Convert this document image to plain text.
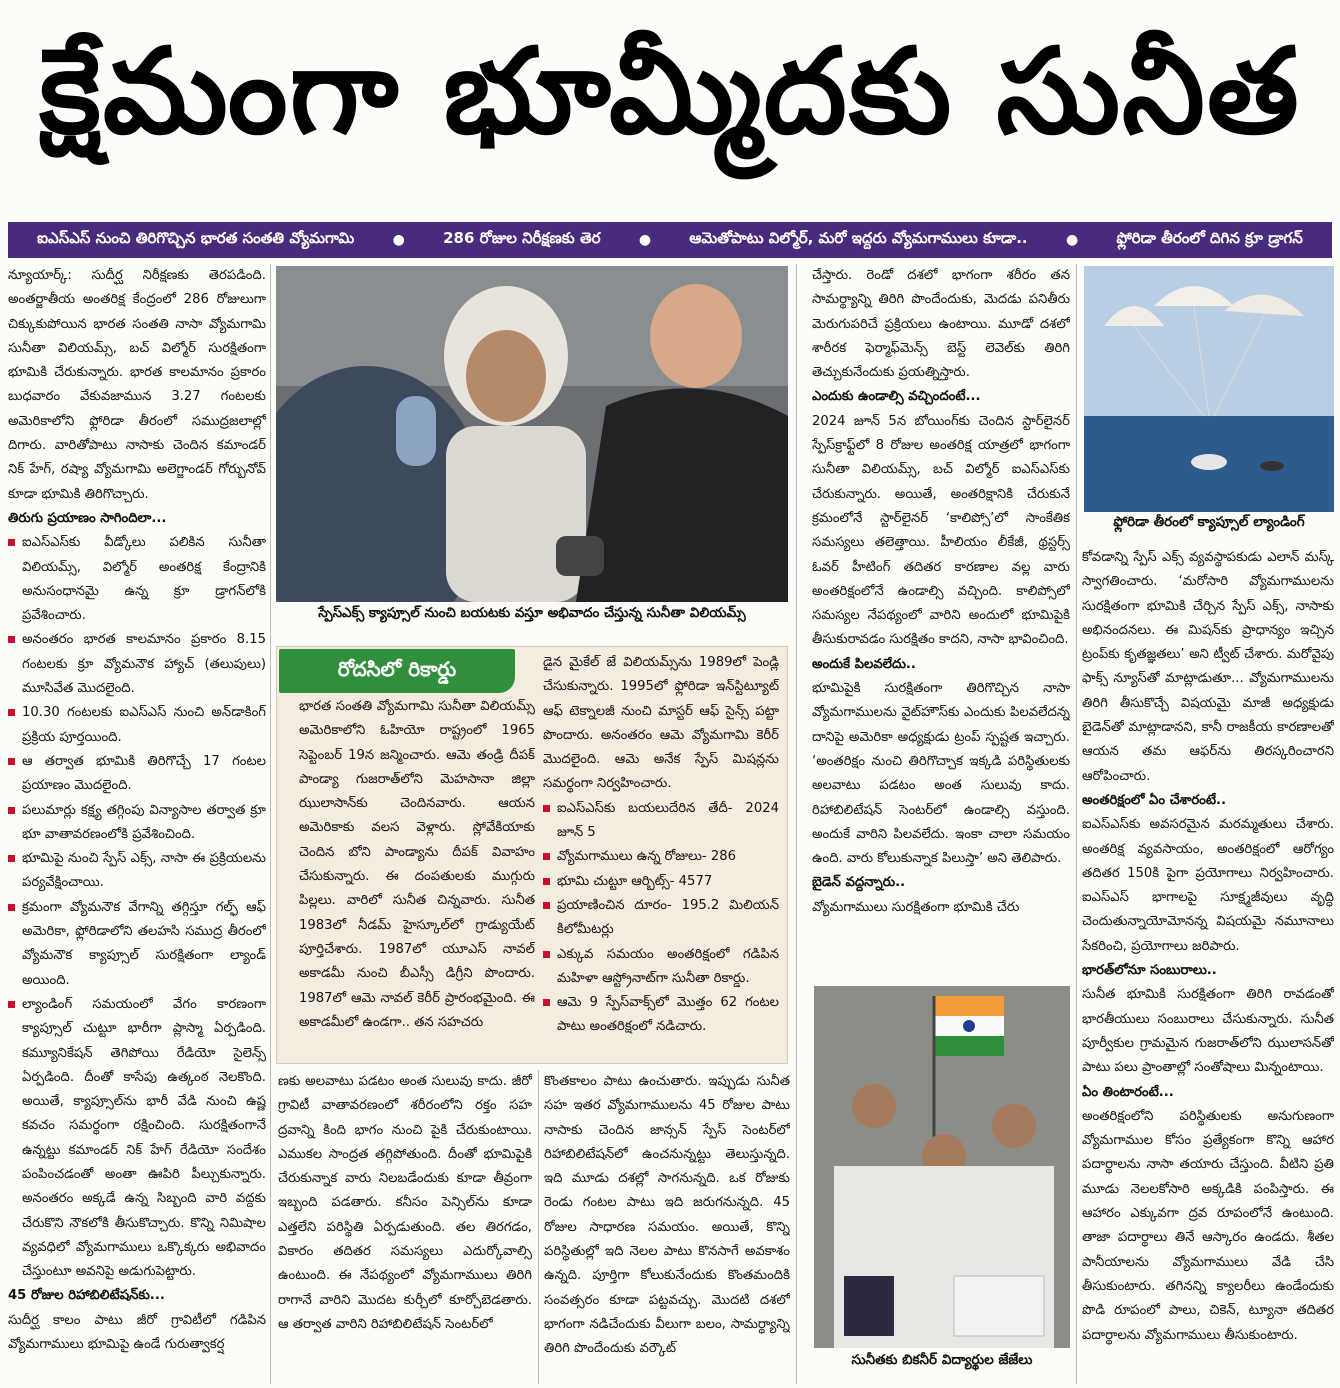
క్షేమంగా భూమ్మీదకు సునీత
ఐఎస్ఎస్ నుంచి తిరిగొచ్చిన భారత సంతతి వ్యోమగామి	●	286 రోజుల నిరీక్షణకు తెర	●	ఆమెతోపాటు విల్మోర్, మరో ఇద్దరు వ్యోమగాములు కూడా..	●	ఫ్లోరిడా తీరంలో దిగిన క్రూ డ్రాగన్

న్యూయార్క్: సుదీర్ఘ నిరీక్షణకు తెరపడింది. అంతర్జాతీయ అంతరిక్ష కేంద్రంలో 286 రోజులుగా చిక్కుకుపోయిన భారత సంతతి నాసా వ్యోమగామి సునీతా విలియమ్స్, బచ్ విల్మోర్ సురక్షితంగా భూమికి చేరుకున్నారు. భారత కాలమానం ప్రకారం బుధవారం వేకువజామున 3.27 గంటలకు అమెరికాలోని ఫ్లోరిడా తీరంలో సముద్రజలాల్లో దిగారు. వారితోపాటు నాసాకు చెందిన కమాండర్ నిక్ హేగ్, రష్యా వ్యోమగామి అలెగ్జాండర్ గోర్బునోవ్ కూడా భూమికి తిరిగొచ్చారు.

తిరుగు ప్రయాణం సాగిందిలా...

ఐఎస్ఎస్‌కు వీడ్కోలు పలికిన సునీతా విలియమ్స్, విల్మోర్ అంతరిక్ష కేంద్రానికి అనుసంధానమై ఉన్న క్రూ డ్రాగన్‌లోకి ప్రవేశించారు.
అనంతరం భారత కాలమానం ప్రకారం 8.15 గంటలకు క్రూ వ్యోమనౌక హ్యాచ్ (తలుపులు) మూసివేత మొదలైంది.
10.30 గంటలకు ఐఎస్ఎస్ నుంచి అన్‌డాకింగ్ ప్రక్రియ పూర్తయింది.
ఆ తర్వాత భూమికి తిరిగొచ్చే 17 గంటల ప్రయాణం మొదలైంది.
పలుమార్లు కక్ష్య తగ్గింపు విన్యాసాల తర్వాత క్రూ భూ వాతావరణంలోకి ప్రవేశించింది.
భూమిపై నుంచి స్పేస్ ఎక్స్, నాసా ఈ ప్రక్రియలను పర్యవేక్షించాయి.
క్రమంగా వ్యోమనౌక వేగాన్ని తగ్గిస్తూ గల్ఫ్ ఆఫ్ అమెరికా, ఫ్లోరిడాలోని తలహసి సముద్ర తీరంలో వ్యోమనౌక క్యాప్సూల్ సురక్షితంగా ల్యాండ్ అయింది.
ల్యాండింగ్ సమయంలో వేగం కారణంగా క్యాప్సూల్ చుట్టూ భారీగా ప్లాస్మా ఏర్పడింది. కమ్యూనికేషన్ తెగిపోయి రేడియో సైలెన్స్ ఏర్పడింది. దీంతో కాసేపు ఉత్కంఠ నెలకొంది. అయితే, క్యాప్సూల్‌ను భారీ వేడి నుంచి ఉష్ణ కవచం సమర్థంగా రక్షించింది. సురక్షితంగానే ఉన్నట్టు కమాండర్ నిక్ హేగ్ రేడియో సందేశం పంపించడంతో అంతా ఊపిరి పీల్చుకున్నారు. అనంతరం అక్కడే ఉన్న సిబ్బంది వారి వద్దకు చేరుకొని నౌకలోకి తీసుకొచ్చారు. కొన్ని నిమిషాల వ్యవధిలో వ్యోమగాములు ఒక్కొక్కరు అభివాదం చేస్తుంటూ అవనిపై అడుగుపెట్టారు.

45 రోజుల రిహాబిలిటేషన్‌కు...

సుదీర్ఘ కాలం పాటు జీరో గ్రావిటీలో గడిపిన వ్యోమగాములు భూమిపై ఉండే గురుత్వాకర్ష

స్పేస్ఎక్స్ క్యాప్సూల్ నుంచి బయటకు వస్తూ అభివాదం చేస్తున్న సునీతా విలియమ్స్

చేస్తారు. రెండో దశలో భాగంగా శరీరం తన సామర్థ్యాన్ని తిరిగి పొందేందుకు, మెదడు పనితీరు మెరుగుపరిచే ప్రక్రియలు ఉంటాయి. మూడో దశలో శారీరక ఫెర్మాఫ్‌మెన్స్ బెస్ట్ లెవెల్‌కు తిరిగి తెచ్చుకునేందుకు ప్రయత్నిస్తారు.

ఎందుకు ఉండాల్సి వచ్చిందంటే...

2024 జూన్ 5న బోయింగ్‌కు చెందిన స్టార్‌లైనర్ స్పేస్‌క్రాఫ్ట్‌లో 8 రోజుల అంతరిక్ష యాత్రలో భాగంగా సునీతా విలియమ్స్, బచ్ విల్మోర్ ఐఎస్ఎస్‌కు చేరుకున్నారు. అయితే, అంతరిక్షానికి చేరుకునే క్రమంలోనే స్టార్‌లైనర్ ‘కాలిప్సో’లో సాంకేతిక సమస్యలు తలెత్తాయి. హీలియం లీకేజీ, థ్రస్టర్స్ ఓవర్ హీటింగ్ తదితర కారణాల వల్ల వారు అంతరిక్షంలోనే ఉండాల్సి వచ్చింది. కాలిప్సోలో సమస్యల నేపథ్యంలో వారిని అందులో భూమిపైకి తీసుకురావడం సురక్షితం కాదని, నాసా భావించింది.

అందుకే పిలవలేదు..

భూమిపైకి సురక్షితంగా తిరిగొచ్చిన నాసా వ్యోమగాములను వైట్‌హౌస్‌కు ఎందుకు పిలవలేదన్న దానిపై అమెరికా అధ్యక్షుడు ట్రంప్ స్పష్టత ఇచ్చారు. ‘అంతరిక్షం నుంచి తిరిగొచ్చాక ఇక్కడి పరిస్థితులకు అలవాటు పడటం అంత సులువు కాదు. రిహాబిలిటేషన్ సెంటర్‌లో ఉండాల్సి వస్తుంది. అందుకే వారిని పిలవలేదు. ఇంకా చాలా సమయం ఉంది. వారు కోలుకున్నాక పిలుస్తా’ అని తెలిపారు.

బైడెన్ వద్దన్నారు..

వ్యోమగాములు సురక్షితంగా భూమికి చేరు

ఫ్లోరిడా తీరంలో క్యాప్సూల్ ల్యాండింగ్

కోవడాన్ని స్పేస్ ఎక్స్ వ్యవస్థాపకుడు ఎలాన్ మస్క్ స్వాగతించారు. ‘మరోసారి వ్యోమగాములను సురక్షితంగా భూమికి చేర్చిన స్పేస్ ఎక్స్, నాసాకు అభినందనలు. ఈ మిషన్‌కు ప్రాధాన్యం ఇచ్చిన ట్రంప్‌కు కృతజ్ఞతలు’ అని ట్వీట్ చేశారు. మరోవైపు ఫాక్స్ న్యూస్‌తో మాట్లాడుతూ... వ్యోమగాములను తిరిగి తీసుకొచ్చే విషయమై మాజీ అధ్యక్షుడు బైడెన్‌తో మాట్లాడానని, కానీ రాజకీయ కారణాలతో ఆయన తమ ఆఫర్‌ను తిరస్కరించారని ఆరోపించారు.

అంతరిక్షంలో ఏం చేశారంటే..

ఐఎస్ఎస్‌కు అవసరమైన మరమ్మతులు చేశారు. అంతరిక్ష వ్యవసాయం, అంతరిక్షంలో ఆరోగ్యం తదితర 150కి పైగా ప్రయోగాలు నిర్వహించారు. ఐఎస్ఎస్ భాగాలపై సూక్ష్మజీవులు వృద్ధి చెందుతున్నాయోమోనన్న విషయమై నమూనాలు సేకరించి, ప్రయోగాలు జరిపారు.

భారత్‌లోనూ సంబురాలు..

సునీత భూమికి సురక్షితంగా తిరిగి రావడంతో భారతీయులు సంబురాలు చేసుకున్నారు. సునీత పూర్వీకుల గ్రామమైన గుజరాత్‌లోని ఝులాసన్‌తో పాటు పలు ప్రాంతాల్లో సంతోషాలు మిన్నంటాయి.

ఏం తింటారంటే...

అంతరిక్షంలోని పరిస్థితులకు అనుగుణంగా వ్యోమగాముల కోసం ప్రత్యేకంగా కొన్ని ఆహార పదార్థాలను నాసా తయారు చేస్తుంది. వీటిని ప్రతి మూడు నెలలకోసారి అక్కడికి పంపిస్తారు. ఈ ఆహారం ఎక్కువగా ద్రవ రూపంలోనే ఉంటుంది. తాజా పదార్థాలు తినే ఆస్కారం ఉండదు. శీతల పానీయాలను వ్యోమగాములు వేడి చేసి తీసుకుంటారు. తగినన్ని క్యాలరీలు ఉండేందుకు పొడి రూపంలో పాలు, చికెన్, ట్యూనా తదితర పదార్థాలను వ్యోమగాములు తీసుకుంటారు.

రోదసిలో రికార్డు

భారత సంతతి వ్యోమగామి సునీతా విలియమ్స్ అమెరికాలోని ఓహియో రాష్ట్రంలో 1965 సెప్టెంబర్ 19న జన్మించారు. ఆమె తండ్రి దీపక్ పాండ్యా గుజరాత్‌లోని మెహసానా జిల్లా ఝులాసాన్‌కు చెందినవారు. ఆయన అమెరికాకు వలస వెళ్లారు. స్లోవేకియాకు చెందిన బోని పాండ్యాను దీపక్ వివాహం చేసుకున్నారు. ఈ దంపతులకు ముగ్గురు పిల్లలు. వారిలో సునీత చిన్నవారు. సునీత 1983లో నీడమ్ హైస్కూల్‌లో గ్రాడ్యుయేట్ పూర్తిచేశారు. 1987లో యూఎస్ నావల్ అకాడమీ నుంచి బీఎస్సీ డిగ్రీని పొందారు. 1987లో ఆమె నావల్ కెరీర్ ప్రారంభమైంది. ఈ అకాడమీలో ఉండగా.. తన సహచరు

డైన మైకేల్ జే విలియమ్స్‌ను 1989లో పెండ్లి చేసుకున్నారు. 1995లో ఫ్లోరిడా ఇన్‌స్టిట్యూట్ ఆఫ్ టెక్నాలజీ నుంచి మాస్టర్ ఆఫ్ సైన్స్ పట్టా పొందారు. అనంతరం ఆమె వ్యోమగామి కెరీర్ మొదలైంది. ఆమె అనేక స్పేస్ మిషన్లను సమర్థంగా నిర్వహించారు.

ఐఎస్ఎస్‌కు బయలుదేరిన తేదీ- 2024 జూన్ 5
వ్యోమగాములు ఉన్న రోజులు- 286
భూమి చుట్టూ ఆర్బిట్స్- 4577
ప్రయాణించిన దూరం- 195.2 మిలియన్ కిలోమీటర్లు
ఎక్కువ సమయం అంతరిక్షంలో గడిపిన మహిళా ఆస్ట్రోనాట్‌గా సునీతా రికార్డు.
ఆమె 9 స్పేస్‌వాక్స్‌లో మొత్తం 62 గంటల పాటు అంతరిక్షంలో నడిచారు.

ణకు అలవాటు పడటం అంత సులువు కాదు. జీరో గ్రావిటీ వాతావరణంలో శరీరంలోని రక్తం సహ ద్రవాన్ని కింది భాగం నుంచి పైకి చేరుకుంటాయి. ఎముకల సాంద్రత తగ్గిపోతుంది. దీంతో భూమిపైకి చేరుకున్నాక వారు నిలబడేందుకు కూడా తీవ్రంగా ఇబ్బంది పడతారు. కనీసం పెన్సిల్‌ను కూడా ఎత్తలేని పరిస్థితి ఏర్పడుతుంది. తల తిరగడం, వికారం తదితర సమస్యలు ఎదుర్కోవాల్సి ఉంటుంది. ఈ నేపథ్యంలో వ్యోమగాములు తిరిగి రాగానే వారిని మొదట కుర్చీలో కూర్చోబెడతారు. ఆ తర్వాత వారిని రిహాబిలిటేషన్ సెంటర్‌లో

కొంతకాలం పాటు ఉంచుతారు. ఇప్పుడు సునీత సహ ఇతర వ్యోమగాములను 45 రోజుల పాటు నాసాకు చెందిన జాన్సన్ స్పేస్ సెంటర్‌లో రిహాబిలిటేషన్‌లో ఉంచనున్నట్టు తెలుస్తున్నది. ఇది మూడు దశల్లో సాగనున్నది. ఒక రోజుకు రెండు గంటల పాటు ఇది జరుగనున్నది. 45 రోజుల సాధారణ సమయం. అయితే, కొన్ని పరిస్థితుల్లో ఇది నెలల పాటు కొనసాగే అవకాశం ఉన్నది. పూర్తిగా కోలుకునేందుకు కొంతమందికి సంవత్సరం కూడా పట్టవచ్చు. మొదటి దశలో భాగంగా నడిచేందుకు వీలుగా బలం, సామర్థ్యాన్ని తిరిగి పొందేందుకు వర్కౌట్

సునీతకు బికనీర్ విద్యార్థుల జేజేలు
